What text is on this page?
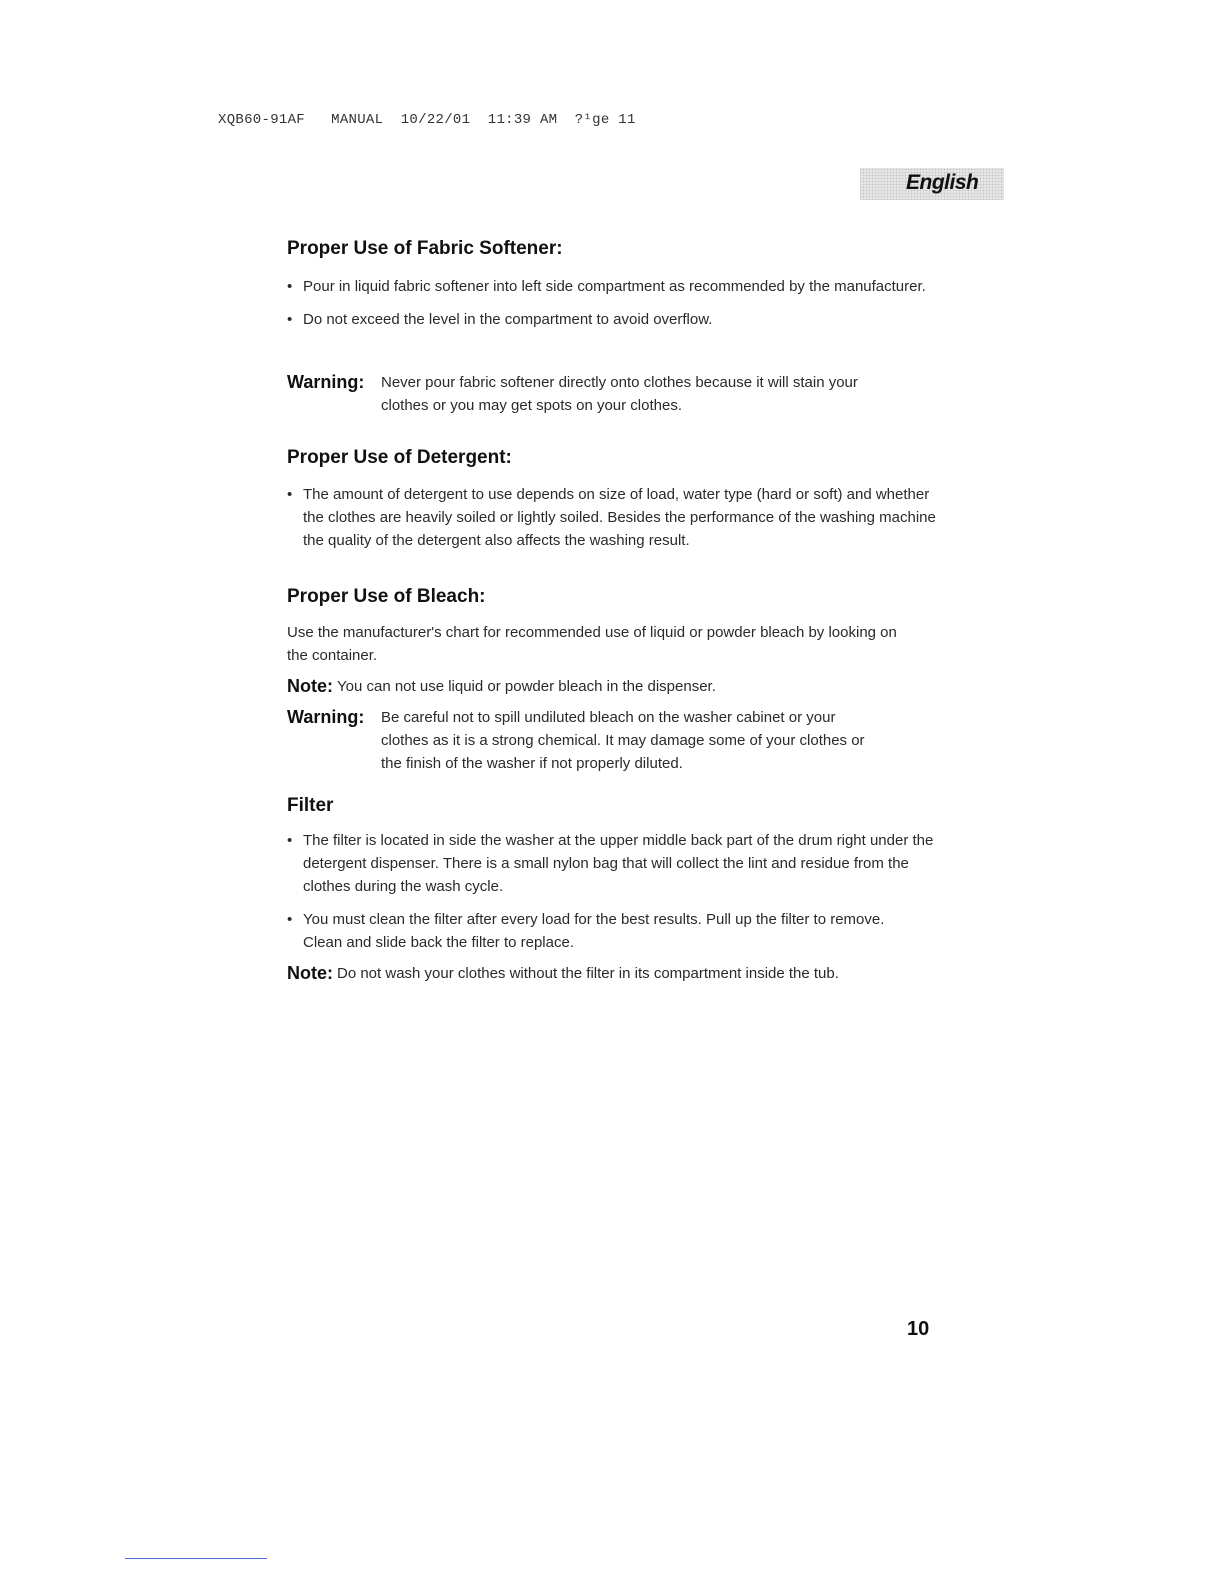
XQB60-91AF   MANUAL  10/22/01  11:39 AM  ?¹ge 11
English
Proper Use of Fabric Softener:
• Pour in liquid fabric softener into left side compartment as recommended by the manufacturer.
• Do not exceed the level in the compartment to avoid overflow.
Warning:	Never pour fabric softener directly onto clothes because it will stain your clothes or you may get spots on your clothes.
Proper Use of Detergent:
• The amount of detergent to use depends on size of load, water type (hard or soft) and whether the clothes are heavily soiled or lightly soiled. Besides the performance of the washing machine the quality of the detergent also affects the washing result.
Proper Use of Bleach:

Use the manufacturer's chart for recommended use of liquid or powder bleach by looking on the container.

Note: You can not use liquid or powder bleach in the dispenser.
Warning:	Be careful not to spill undiluted bleach on the washer cabinet or your clothes as it is a strong chemical. It may damage some of your clothes or the finish of the washer if not properly diluted.
Filter
• The filter is located in side the washer at the upper middle back part of the drum right under the detergent dispenser. There is a small nylon bag that will collect the lint and residue from the clothes during the wash cycle.
• You must clean the filter after every load for the best results. Pull up the filter to remove. Clean and slide back the filter to replace.
Note: Do not wash your clothes without the filter in its compartment inside the tub.
10
